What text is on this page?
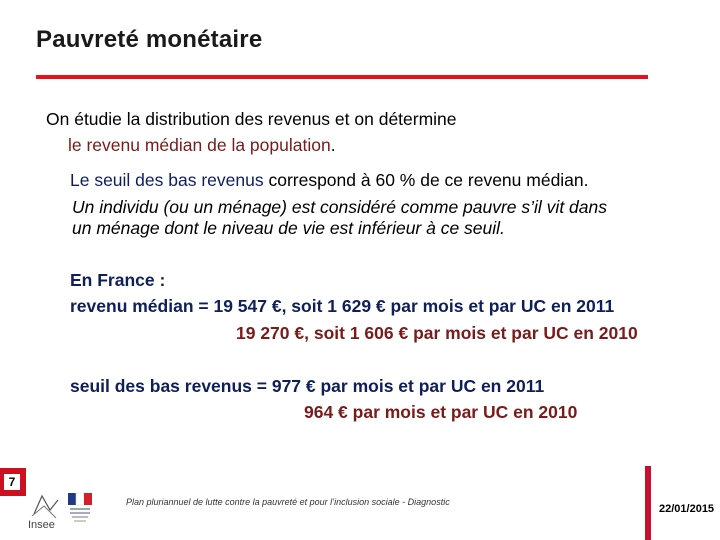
Pauvreté monétaire
On étudie la distribution des revenus et on détermine
le revenu médian de la population.
Le seuil des bas revenus correspond à 60 % de ce revenu médian.
Un individu (ou un ménage) est considéré comme pauvre s’il vit dans
un ménage dont le niveau de vie est inférieur à ce seuil.
En France :
revenu médian = 19 547 €, soit 1 629 € par mois et par UC en 2011
19 270 €, soit 1 606 € par mois et par UC en 2010
seuil des bas revenus = 977 € par mois et par UC en 2011
964 € par mois et par UC en 2010
7
Insee
Plan pluriannuel de lutte contre la pauvreté et pour l’inclusion sociale - Diagnostic
22/01/2015
